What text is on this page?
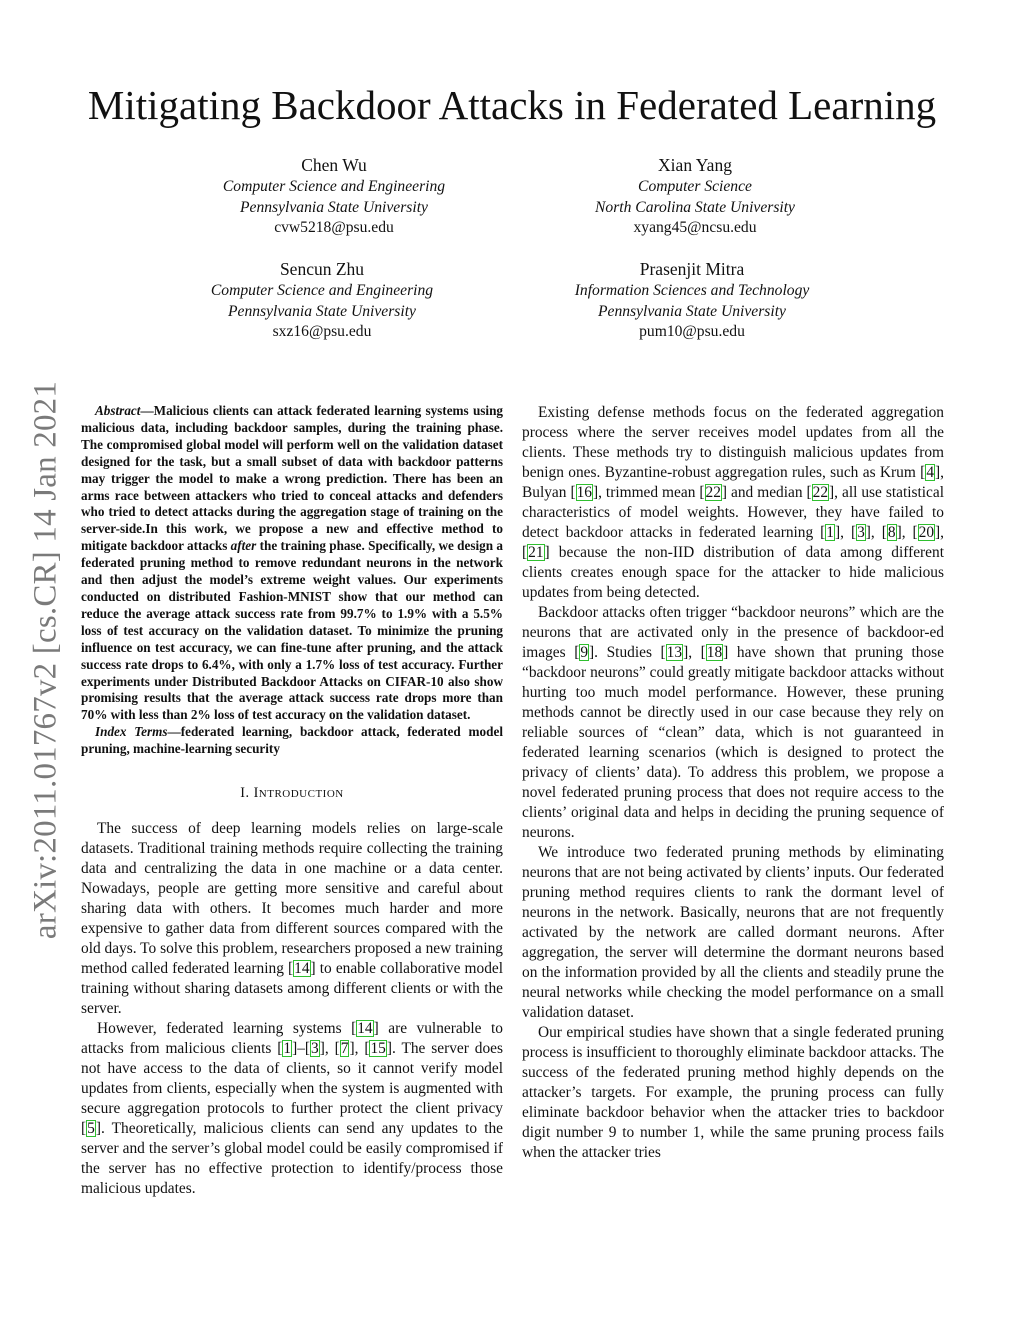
arXiv:2011.01767v2 [cs.CR] 14 Jan 2021
Mitigating Backdoor Attacks in Federated Learning
Chen Wu
Computer Science and Engineering
Pennsylvania State University
cvw5218@psu.edu
Xian Yang
Computer Science
North Carolina State University
xyang45@ncsu.edu
Sencun Zhu
Computer Science and Engineering
Pennsylvania State University
sxz16@psu.edu
Prasenjit Mitra
Information Sciences and Technology
Pennsylvania State University
pum10@psu.edu

Abstract—Malicious clients can attack federated learning systems using malicious data, including backdoor samples, during the training phase. The compromised global model will perform well on the validation dataset designed for the task, but a small subset of data with backdoor patterns may trigger the model to make a wrong prediction. There has been an arms race between attackers who tried to conceal attacks and defenders who tried to detect attacks during the aggregation stage of training on the server-side.In this work, we propose a new and effective method to mitigate backdoor attacks after the training phase. Specifically, we design a federated pruning method to remove redundant neurons in the network and then adjust the model’s extreme weight values. Our experiments conducted on distributed Fashion-MNIST show that our method can reduce the average attack success rate from 99.7% to 1.9% with a 5.5% loss of test accuracy on the validation dataset. To minimize the pruning influence on test accuracy, we can fine-tune after pruning, and the attack success rate drops to 6.4%, with only a 1.7% loss of test accuracy. Further experiments under Distributed Backdoor Attacks on CIFAR-10 also show promising results that the average attack success rate drops more than 70% with less than 2% loss of test accuracy on the validation dataset.

Index Terms—federated learning, backdoor attack, federated model pruning, machine-learning security

I. INTRODUCTION

The success of deep learning models relies on large-scale datasets. Traditional training methods require collecting the training data and centralizing the data in one machine or a data center. Nowadays, people are getting more sensitive and careful about sharing data with others. It becomes much harder and more expensive to gather data from different sources compared with the old days. To solve this problem, researchers proposed a new training method called federated learning [14] to enable collaborative model training without sharing datasets among different clients or with the server.

However, federated learning systems [14] are vulnerable to attacks from malicious clients [1]–[3], [7], [15]. The server does not have access to the data of clients, so it cannot verify model updates from clients, especially when the system is augmented with secure aggregation protocols to further protect the client privacy [5]. Theoretically, malicious clients can send any updates to the server and the server’s global model could be easily compromised if the server has no effective protection to identify/process those malicious updates.

Existing defense methods focus on the federated aggregation process where the server receives model updates from all the clients. These methods try to distinguish malicious updates from benign ones. Byzantine-robust aggregation rules, such as Krum [4], Bulyan [16], trimmed mean [22] and median [22], all use statistical characteristics of model weights. However, they have failed to detect backdoor attacks in federated learning [1], [3], [8], [20], [21] because the non-IID distribution of data among different clients creates enough space for the attacker to hide malicious updates from being detected.

Backdoor attacks often trigger “backdoor neurons” which are the neurons that are activated only in the presence of backdoor-ed images [9]. Studies [13], [18] have shown that pruning those “backdoor neurons” could greatly mitigate backdoor attacks without hurting too much model performance. However, these pruning methods cannot be directly used in our case because they rely on reliable sources of “clean” data, which is not guaranteed in federated learning scenarios (which is designed to protect the privacy of clients’ data). To address this problem, we propose a novel federated pruning process that does not require access to the clients’ original data and helps in deciding the pruning sequence of neurons.

We introduce two federated pruning methods by eliminating neurons that are not being activated by clients’ inputs. Our federated pruning method requires clients to rank the dormant level of neurons in the network. Basically, neurons that are not frequently activated by the network are called dormant neurons. After aggregation, the server will determine the dormant neurons based on the information provided by all the clients and steadily prune the neural networks while checking the model performance on a small validation dataset.

Our empirical studies have shown that a single federated pruning process is insufficient to thoroughly eliminate backdoor attacks. The success of the federated pruning method highly depends on the attacker’s targets. For example, the pruning process can fully eliminate backdoor behavior when the attacker tries to backdoor digit number 9 to number 1, while the same pruning process fails when the attacker tries
